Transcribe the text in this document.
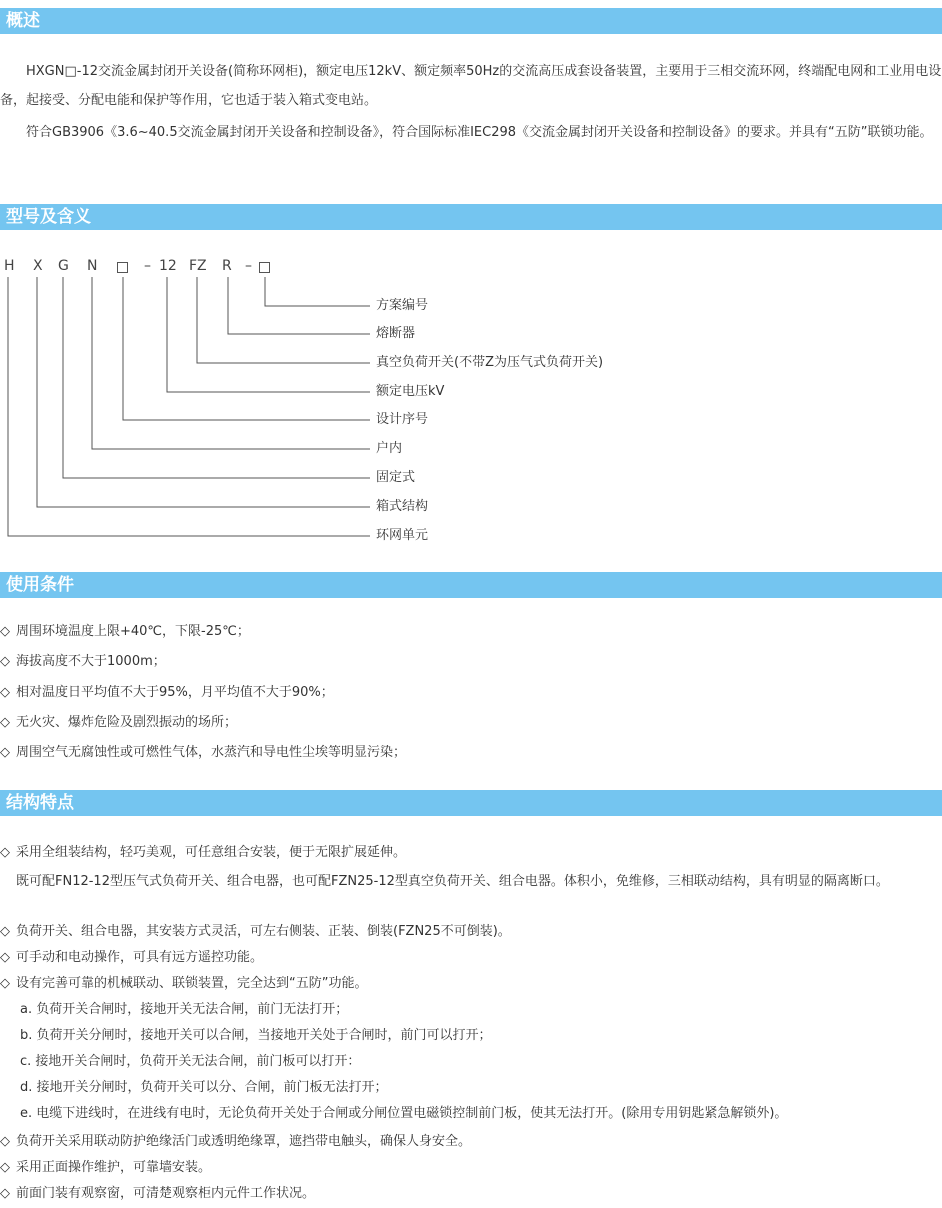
概述

HXGN□-12交流金属封闭开关设备(简称环网柜)，额定电压12kV、额定频率50Hz的交流高压成套设备装置，主要用于三相交流环网，终端配电网和工业用电设备，起接受、分配电能和保护等作用，它也适于装入箱式变电站。

符合GB3906《3.6~40.5交流金属封闭开关设备和控制设备》，符合国际标准IEC298《交流金属封闭开关设备和控制设备》的要求。并具有“五防”联锁功能。

型号及含义
H X G N	– 12 FZ R –
方案编号
熔断器
真空负荷开关(不带Z为压气式负荷开关)
额定电压kV
设计序号
户内
固定式
箱式结构
环网单元
使用条件
◇ 周围环境温度上限+40℃，下限-25℃；
◇ 海拔高度不大于1000m；
◇ 相对温度日平均值不大于95%，月平均值不大于90%；
◇ 无火灾、爆炸危险及剧烈振动的场所；
◇ 周围空气无腐蚀性或可燃性气体，水蒸汽和导电性尘埃等明显污染；
结构特点
◇ 采用全组装结构，轻巧美观，可任意组合安装，便于无限扩展延伸。
既可配FN12-12型压气式负荷开关、组合电器，也可配FZN25-12型真空负荷开关、组合电器。体积小，免维修，三相联动结构，具有明显的隔离断口。
◇ 负荷开关、组合电器，其安装方式灵活，可左右侧装、正装、倒装(FZN25不可倒装)。
◇ 可手动和电动操作，可具有远方遥控功能。
◇ 设有完善可靠的机械联动、联锁装置，完全达到“五防”功能。
a. 负荷开关合闸时，接地开关无法合闸，前门无法打开；
b. 负荷开关分闸时，接地开关可以合闸，当接地开关处于合闸时，前门可以打开；
c. 接地开关合闸时，负荷开关无法合闸，前门板可以打开：
d. 接地开关分闸时，负荷开关可以分、合闸，前门板无法打开；
e. 电缆下进线时，在进线有电时，无论负荷开关处于合闸或分闸位置电磁锁控制前门板，使其无法打开。(除用专用钥匙紧急解锁外)。
◇ 负荷开关采用联动防护绝缘活门或透明绝缘罩，遮挡带电触头，确保人身安全。
◇ 采用正面操作维护，可靠墙安装。
◇ 前面门装有观察窗，可清楚观察柜内元件工作状况。
